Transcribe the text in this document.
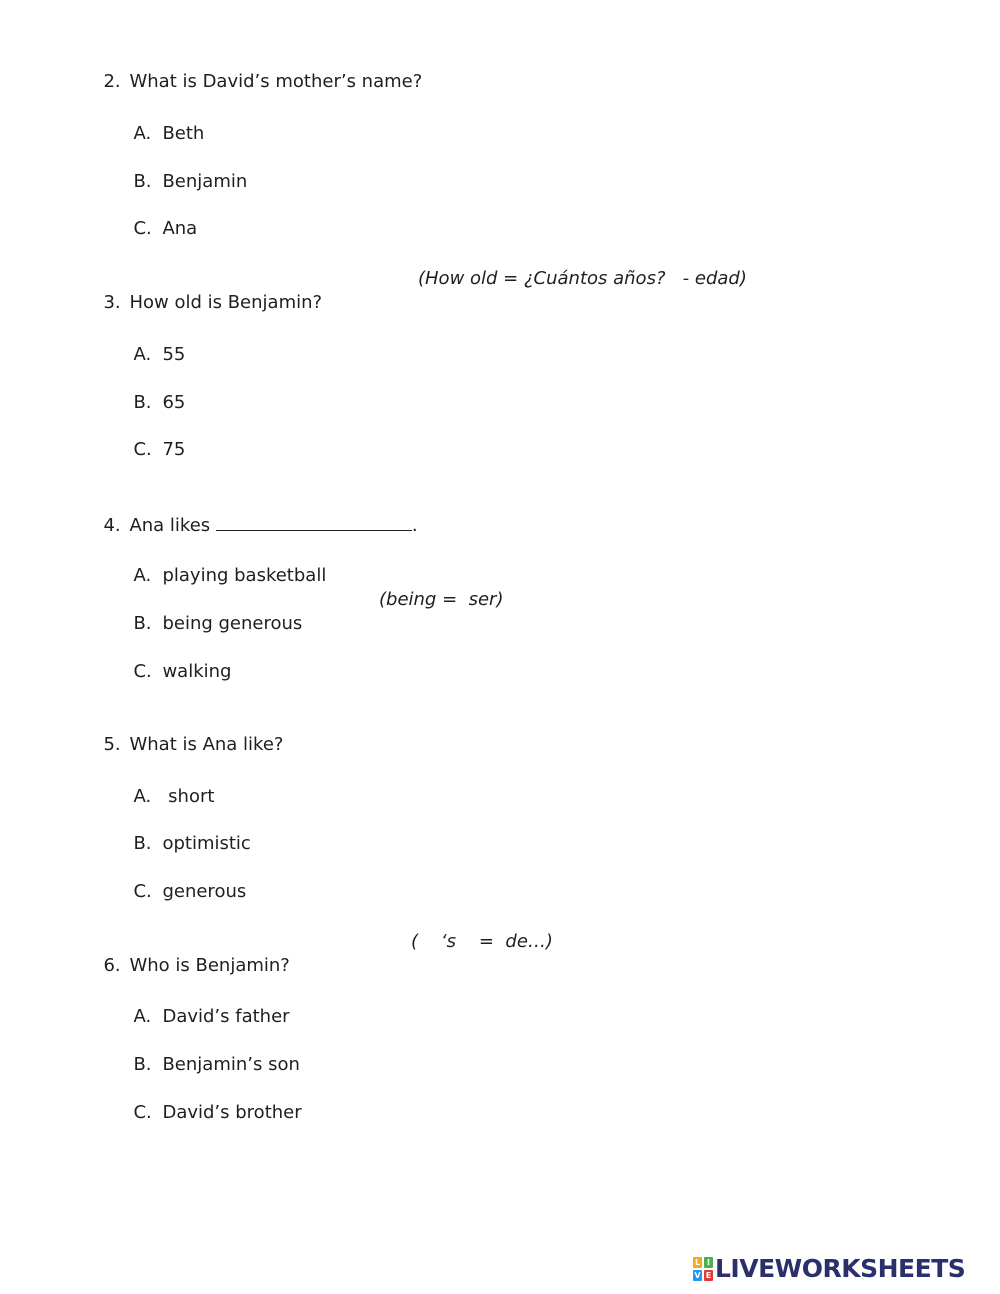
2. What is David’s mother’s name?

A. Beth

B. Benjamin

C. Ana

3. How old is Benjamin?

(How old = ¿Cuántos años?   - edad)

A. 55

B. 65

C. 75

4. Ana likes	.

A. playing basketball

B. being generous

(being =  ser)

C. walking

5. What is Ana like?

A. short

B. optimistic

C. generous

6. Who is Benjamin?

(    ‘s    =  de…)

A. David’s father

B. Benjamin’s son

C. David’s brother

L I
V E LIVEWORKSHEETS
